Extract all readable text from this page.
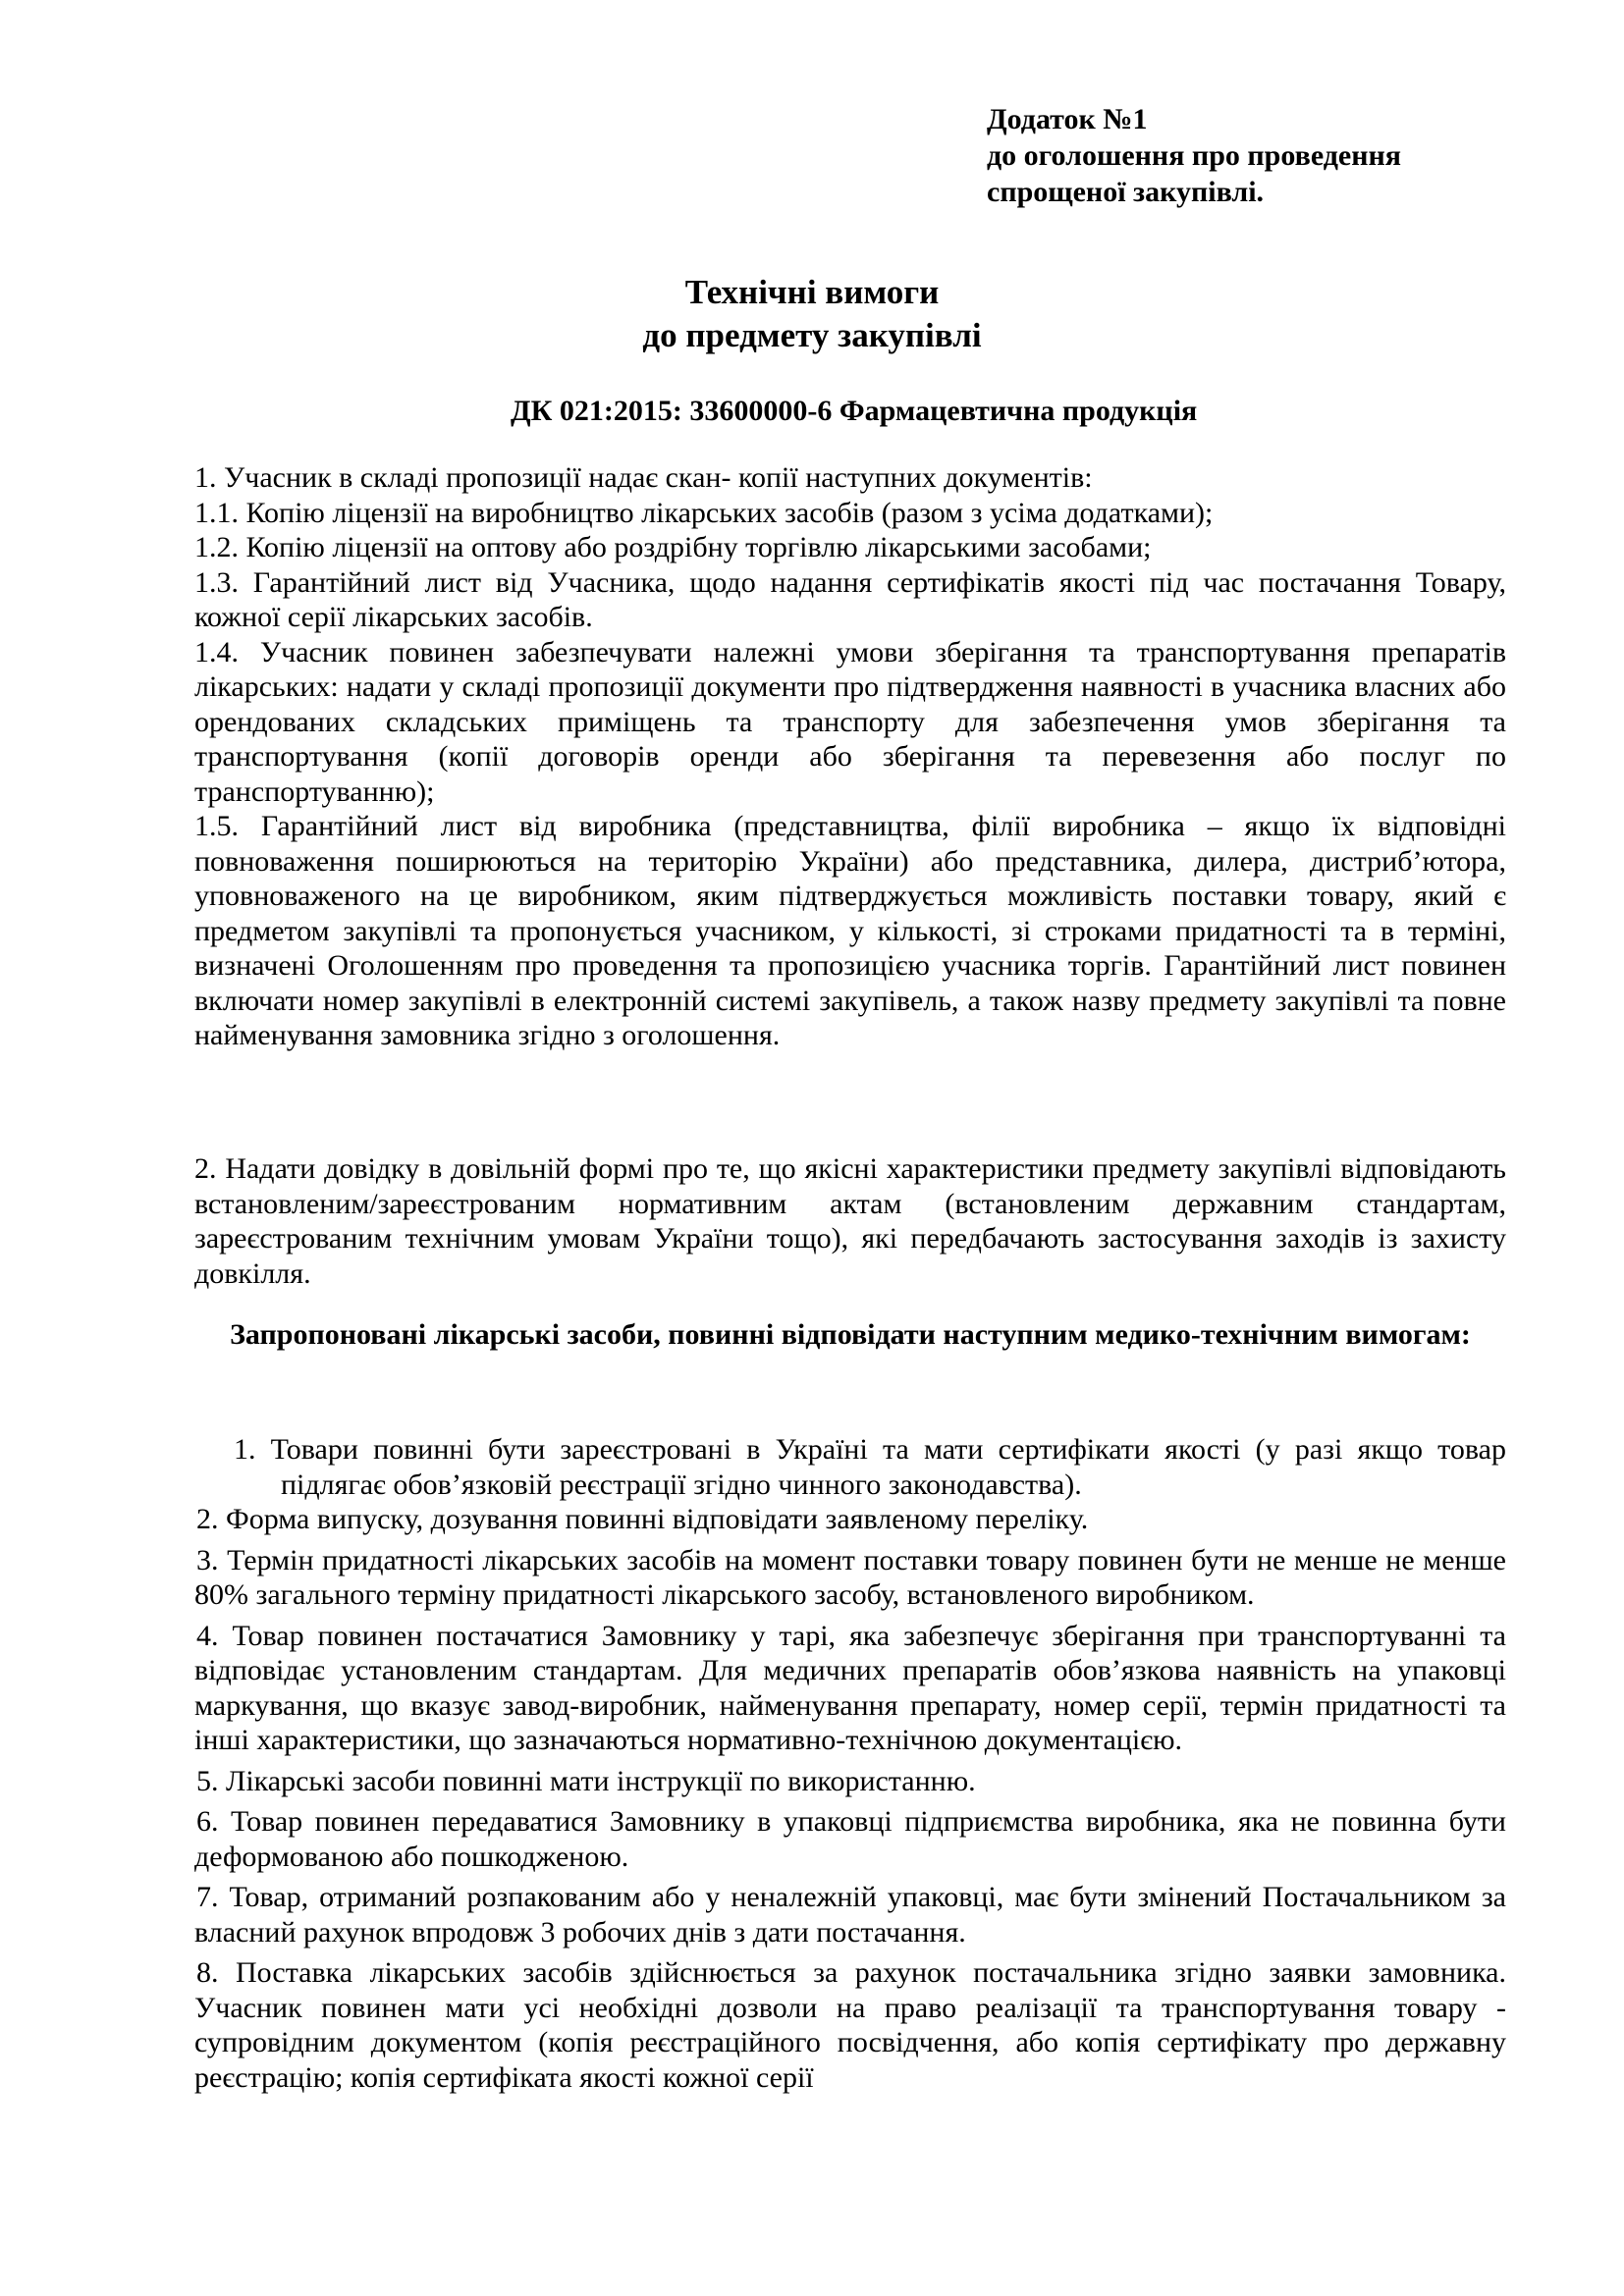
Додаток №1
до оголошення про проведення
спрощеної закупівлі.
Технічні вимоги
до предмету закупівлі
ДК 021:2015: 33600000-6 Фармацевтична продукція

1. Учасник в складі пропозиції надає скан- копії наступних документів:

1.1. Копію ліцензії на виробництво лікарських засобів (разом з усіма додатками);

1.2. Копію ліцензії на оптову або роздрібну торгівлю лікарськими засобами;

1.3. Гарантійний лист від Учасника, щодо надання сертифікатів якості під час постачання Товару, кожної серії лікарських засобів.

1.4. Учасник повинен забезпечувати належні умови зберігання та транспортування препаратів лікарських: надати у складі пропозиції документи про підтвердження наявності в учасника власних або орендованих складських приміщень та транспорту для забезпечення умов зберігання та транспортування (копії договорів оренди або зберігання та перевезення або послуг по транспортуванню);

1.5. Гарантійний лист від виробника (представництва, філії виробника – якщо їх відповідні повноваження поширюються на територію України) або представника, дилера, дистриб’ютора, уповноваженого на це виробником, яким підтверджується можливість поставки товару, який є предметом закупівлі та пропонується учасником, у кількості, зі строками придатності та в терміні, визначені Оголошенням про проведення та пропозицією учасника торгів. Гарантійний лист повинен включати номер закупівлі в електронній системі закупівель, а також назву предмету закупівлі та повне найменування замовника згідно з оголошення.

2. Надати довідку в довільній формі про те, що якісні характеристики предмету закупівлі відповідають встановленим/зареєстрованим нормативним актам (встановленим державним стандартам, зареєстрованим технічним умовам України тощо), які передбачають застосування заходів із захисту довкілля.

Запропоновані лікарські засоби, повинні відповідати наступним медико-технічним вимогам:

1. Товари повинні бути зареєстровані в Україні та мати сертифікати якості (у разі якщо товар підлягає обов’язковій реєстрації згідно чинного законодавства).

2. Форма випуску, дозування повинні відповідати заявленому переліку.

3. Термін придатності лікарських засобів на момент поставки товару повинен бути не менше не менше 80% загального терміну придатності лікарського засобу, встановленого виробником.

4. Товар повинен постачатися Замовнику у тарі, яка забезпечує зберігання при транспортуванні та відповідає установленим стандартам. Для медичних препаратів обов’язкова наявність на упаковці маркування, що вказує завод-виробник, найменування препарату, номер серії, термін придатності та інші характеристики, що зазначаються нормативно-технічною документацією.

5. Лікарські засоби повинні мати інструкції по використанню.

6. Товар повинен передаватися Замовнику в упаковці підприємства виробника, яка не повинна бути деформованою або пошкодженою.

7. Товар, отриманий розпакованим або у неналежній упаковці, має бути змінений Постачальником за власний рахунок впродовж 3 робочих днів з дати постачання.

8. Поставка лікарських засобів здійснюється за рахунок постачальника згідно заявки замовника. Учасник повинен мати усі необхідні дозволи на право реалізації та транспортування товару - супровідним документом (копія реєстраційного посвідчення, або копія сертифікату про державну реєстрацію; копія сертифіката якості кожної серії
